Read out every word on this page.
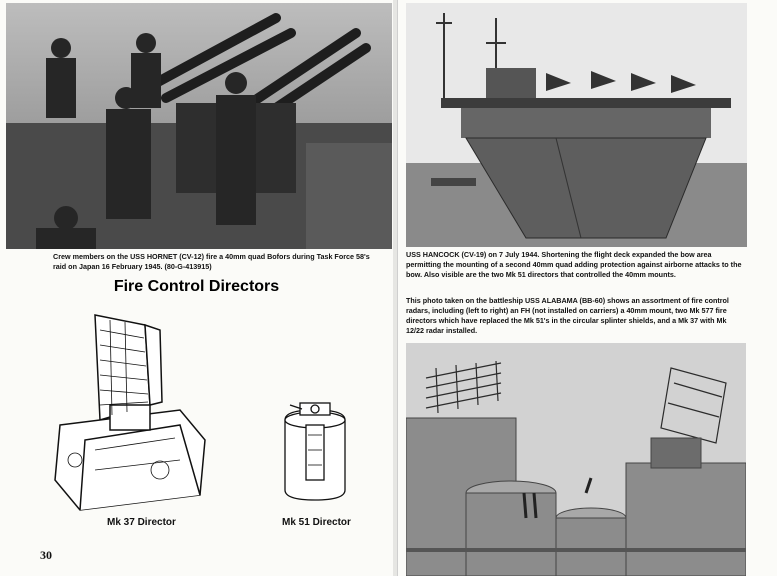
Crew members on the USS HORNET (CV-12) fire a 40mm quad Bofors during Task Force 58's raid on Japan 16 February 1945. (80-G-413915)

Fire Control Directors

Mk 37 Director	Mk 51 Director

30

USS HANCOCK (CV-19) on 7 July 1944. Shortening the flight deck expanded the bow area permitting the mounting of a second 40mm quad adding protection against airborne attacks to the bow. Also visible are the two Mk 51 directors that controlled the 40mm mounts.

This photo taken on the battleship USS ALABAMA (BB-60) shows an assortment of fire control radars, including (left to right) an FH (not installed on carriers) a 40mm mount, two Mk 577 fire directors which have replaced the Mk 51's in the circular splinter shields, and a Mk 37 with Mk 12/22 radar installed.
